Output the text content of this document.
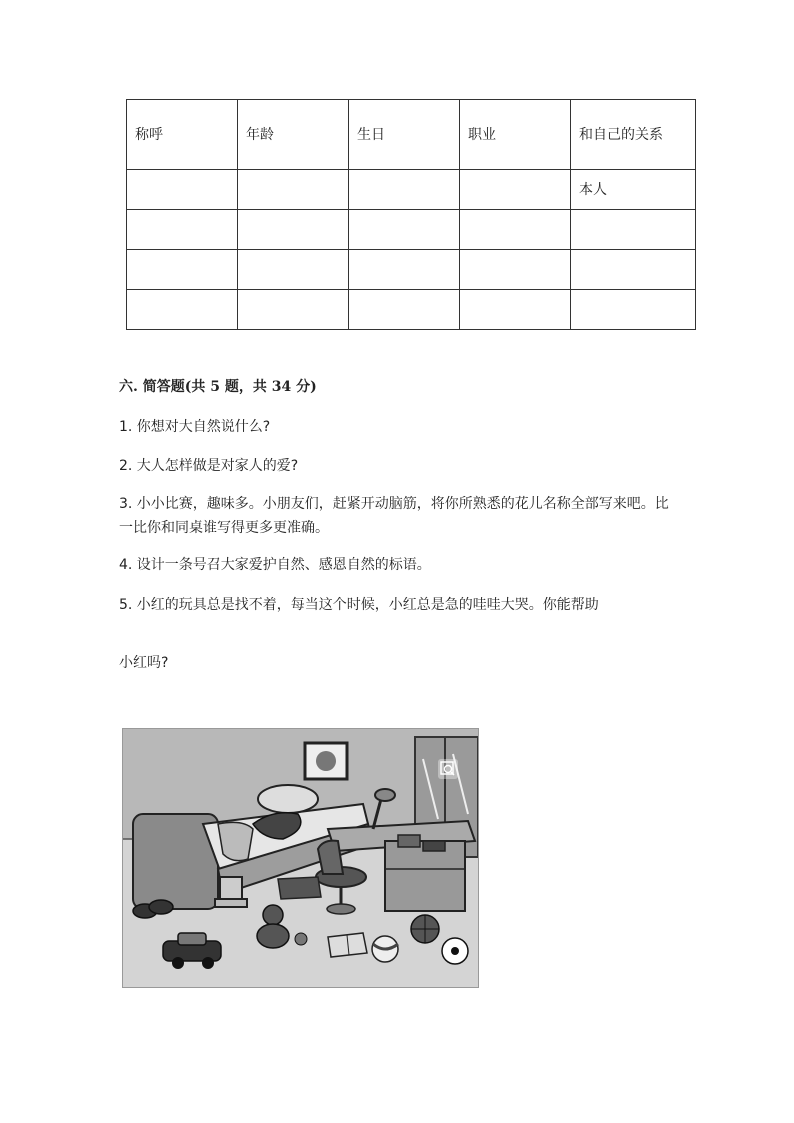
称呼	年龄	生日	职业	和自己的关系
				本人

六. 简答题(共 5 题，共 34 分)
1. 你想对大自然说什么?
2. 大人怎样做是对家人的爱?
3. 小小比赛，趣味多。小朋友们，赶紧开动脑筋，将你所熟悉的花儿名称全部写来吧。比一比你和同桌谁写得更多更准确。
4. 设计一条号召大家爱护自然、感恩自然的标语。
5. 小红的玩具总是找不着，每当这个时候，小红总是急的哇哇大哭。你能帮助
小红吗?
